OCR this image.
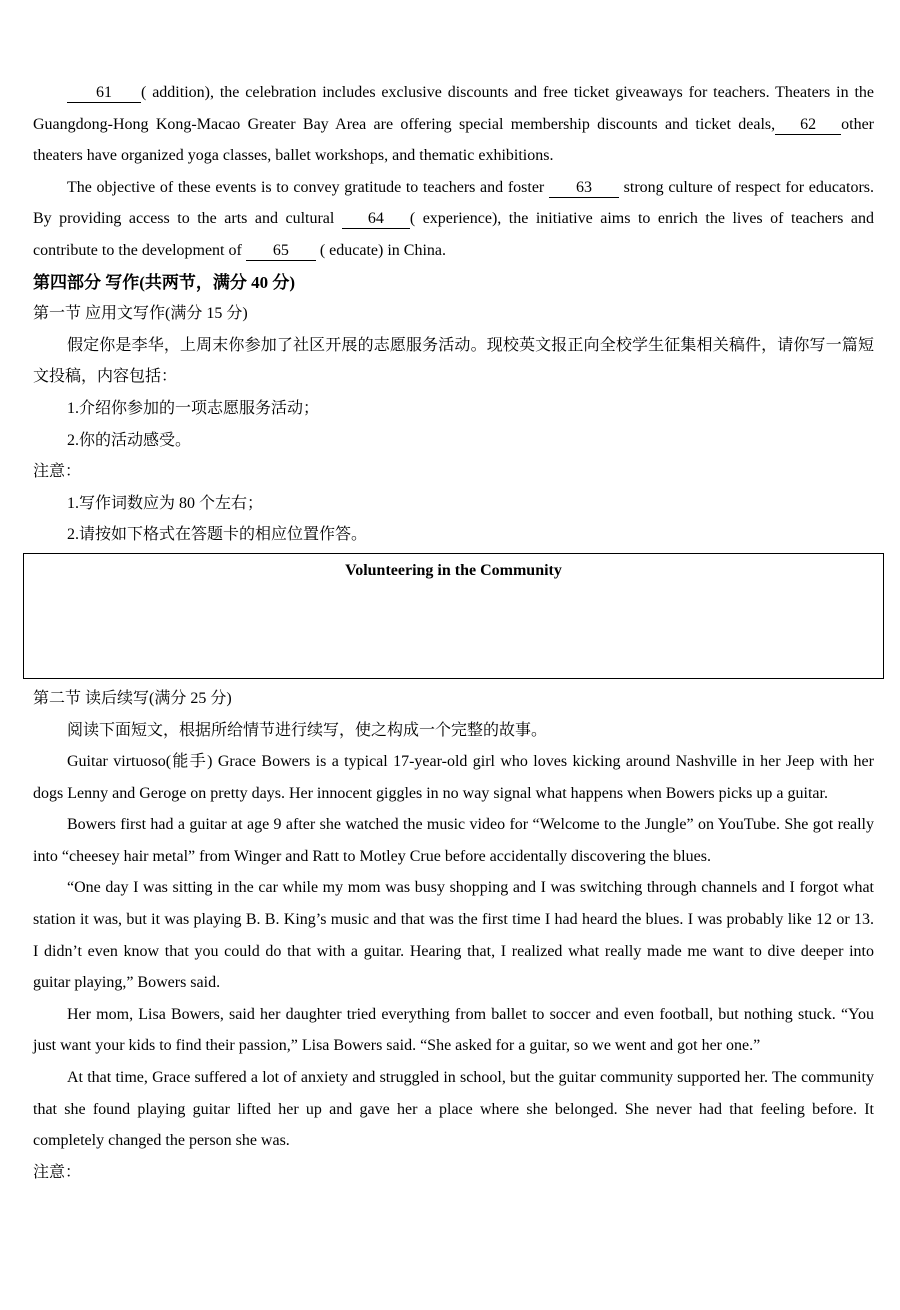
61 ( addition), the celebration includes exclusive discounts and free ticket giveaways for teachers. Theaters in the Guangdong-Hong Kong-Macao Greater Bay Area are offering special membership discounts and ticket deals, 62 other theaters have organized yoga classes, ballet workshops, and thematic exhibitions.

The objective of these events is to convey gratitude to teachers and foster 63 strong culture of respect for educators. By providing access to the arts and cultural 64 ( experience), the initiative aims to enrich the lives of teachers and contribute to the development of 65 ( educate) in China.

第四部分 写作(共两节，满分 40 分)

第一节 应用文写作(满分 15 分)

假定你是李华，上周末你参加了社区开展的志愿服务活动。现校英文报正向全校学生征集相关稿件，请你写一篇短文投稿，内容包括：

1.介绍你参加的一项志愿服务活动；

2.你的活动感受。

注意：

1.写作词数应为 80 个左右；

2.请按如下格式在答题卡的相应位置作答。

Volunteering in the Community

第二节 读后续写(满分 25 分)

阅读下面短文，根据所给情节进行续写，使之构成一个完整的故事。

Guitar virtuoso(能手) Grace Bowers is a typical 17-year-old girl who loves kicking around Nashville in her Jeep with her dogs Lenny and Geroge on pretty days. Her innocent giggles in no way signal what happens when Bowers picks up a guitar.

Bowers first had a guitar at age 9 after she watched the music video for “Welcome to the Jungle” on YouTube. She got really into “cheesey hair metal” from Winger and Ratt to Motley Crue before accidentally discovering the blues.

“One day I was sitting in the car while my mom was busy shopping and I was switching through channels and I forgot what station it was, but it was playing B. B. King’s music and that was the first time I had heard the blues. I was probably like 12 or 13. I didn’t even know that you could do that with a guitar. Hearing that, I realized what really made me want to dive deeper into guitar playing,” Bowers said.

Her mom, Lisa Bowers, said her daughter tried everything from ballet to soccer and even football, but nothing stuck. “You just want your kids to find their passion,” Lisa Bowers said. “She asked for a guitar, so we went and got her one.”

At that time, Grace suffered a lot of anxiety and struggled in school, but the guitar community supported her. The community that she found playing guitar lifted her up and gave her a place where she belonged. She never had that feeling before. It completely changed the person she was.

注意：
